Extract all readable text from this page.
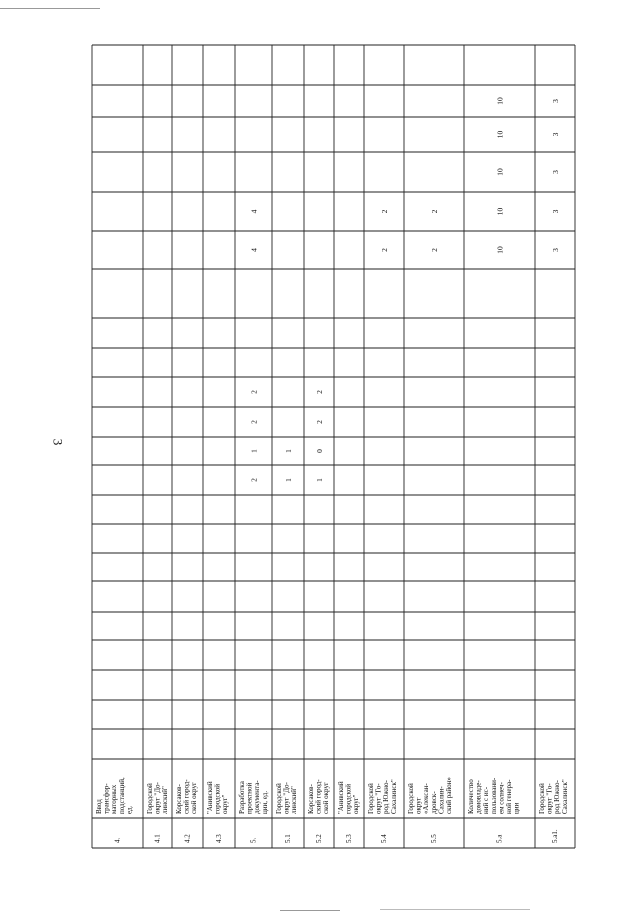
3
4.
Ввод трансфор- маторных подстанций, ед.
4.1
Городской округ "До- линский"
4.2
Корсаков- ский город- ской округ
4.3
"Анивский городской округ"
5.
Разработка проектной документа- ции, ед.
2
1
2
2
4
4
5.1
Городской округ "До- линский"
1
1
5.2
Корсаков- ский город- ской округ
1
0
2
2
5.3
"Анивский городской округ"
5.4
Городской округ "Го- род Южно- Сахалинск"
2
2
5.5
Городской округ «Алексан- дровск- Сахалин- ский район»
2
2
5.a
Количество домовладе- ний с ис- пользовани- ем солнеч- ной генера- ции
10
10
10
10
10
5.a1.
Городской округ "Го- род Южно- Сахалинск"
3
3
3
3
3
